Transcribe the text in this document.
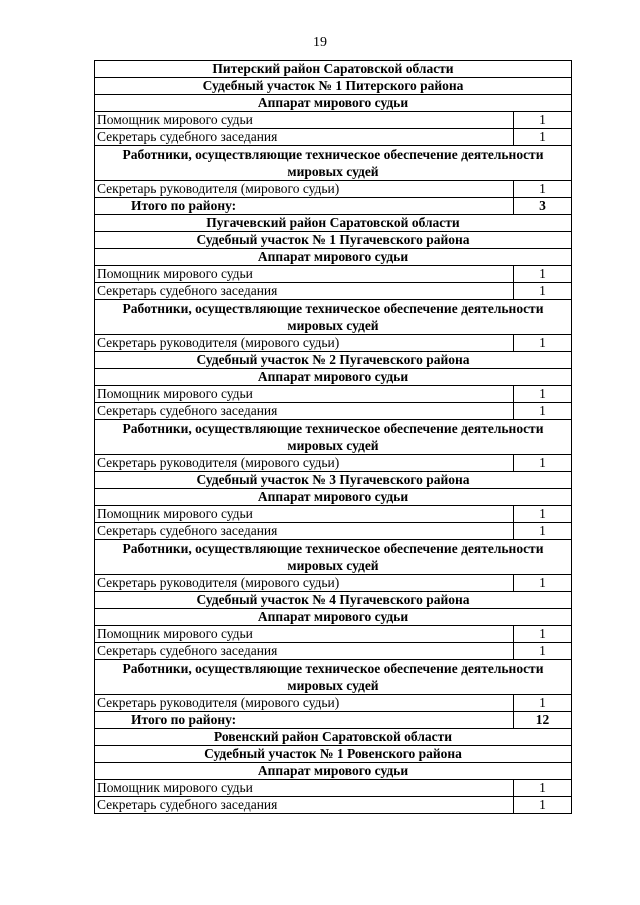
19
Питерский район Саратовской области	
Судебный участок № 1 Питерского района	
Аппарат мирового судьи	
Помощник мирового судьи	1
Секретарь судебного заседания	1
Работники, осуществляющие техническое обеспечение деятельности мировых судей	
Секретарь руководителя (мирового судьи)	1
Итого по району:	3
Пугачевский район Саратовской области	
Судебный участок № 1 Пугачевского района	
Аппарат мирового судьи	
Помощник мирового судьи	1
Секретарь судебного заседания	1
Работники, осуществляющие техническое обеспечение деятельности мировых судей	
Секретарь руководителя (мирового судьи)	1
Судебный участок № 2 Пугачевского района	
Аппарат мирового судьи	
Помощник мирового судьи	1
Секретарь судебного заседания	1
Работники, осуществляющие техническое обеспечение деятельности мировых судей	
Секретарь руководителя (мирового судьи)	1
Судебный участок № 3 Пугачевского района	
Аппарат мирового судьи	
Помощник мирового судьи	1
Секретарь судебного заседания	1
Работники, осуществляющие техническое обеспечение деятельности мировых судей	
Секретарь руководителя (мирового судьи)	1
Судебный участок № 4 Пугачевского района	
Аппарат мирового судьи	
Помощник мирового судьи	1
Секретарь судебного заседания	1
Работники, осуществляющие техническое обеспечение деятельности мировых судей	
Секретарь руководителя (мирового судьи)	1
Итого по району:	12
Ровенский район Саратовской области	
Судебный участок № 1 Ровенского района	
Аппарат мирового судьи	
Помощник мирового судьи	1
Секретарь судебного заседания	1
